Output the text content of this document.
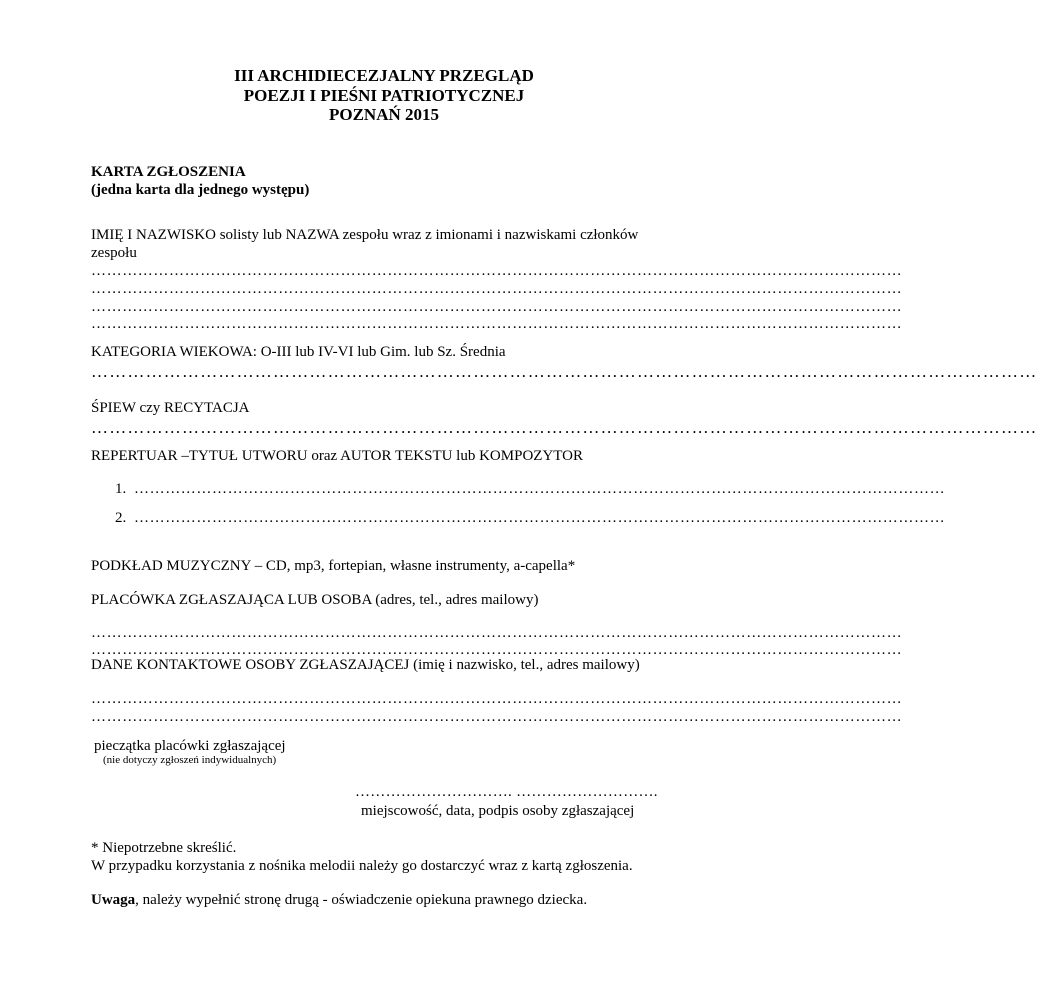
III ARCHIDIECEZJALNY PRZEGLĄD
POEZJI I PIEŚNI PATRIOTYCZNEJ
POZNAŃ 2015
KARTA ZGŁOSZENIA
(jedna karta dla jednego występu)
IMIĘ I NAZWISKO solisty lub NAZWA zespołu wraz z imionami i nazwiskami członków
zespołu
…………………………………………………………………………………………………………………………………………
…………………………………………………………………………………………………………………………………………
…………………………………………………………………………………………………………………………………………
…………………………………………………………………………………………………………………………………………
KATEGORIA WIEKOWA: O-III lub IV-VI lub Gim. lub Sz. Średnia
…………………………………………………………………………………………………………………………………………
ŚPIEW czy RECYTACJA
…………………………………………………………………………………………………………………………………………
REPERTUAR –TYTUŁ UTWORU oraz AUTOR TEKSTU lub KOMPOZYTOR
1. …………………………………………………………………………………………………………………………………………
2. …………………………………………………………………………………………………………………………………………
PODKŁAD MUZYCZNY – CD, mp3, fortepian, własne instrumenty, a-capella*
PLACÓWKA ZGŁASZAJĄCA LUB OSOBA (adres, tel., adres mailowy)
…………………………………………………………………………………………………………………………………………
…………………………………………………………………………………………………………………………………………
DANE KONTAKTOWE OSOBY ZGŁASZAJĄCEJ (imię i nazwisko, tel., adres mailowy)
…………………………………………………………………………………………………………………………………………
…………………………………………………………………………………………………………………………………………
pieczątka placówki zgłaszającej
(nie dotyczy zgłoszeń indywidualnych)
…………………………. ……………………….
miejscowość, data, podpis osoby zgłaszającej
* Niepotrzebne skreślić.
W przypadku korzystania z nośnika melodii należy go dostarczyć wraz z kartą zgłoszenia.
Uwaga, należy wypełnić stronę drugą - oświadczenie opiekuna prawnego dziecka.
